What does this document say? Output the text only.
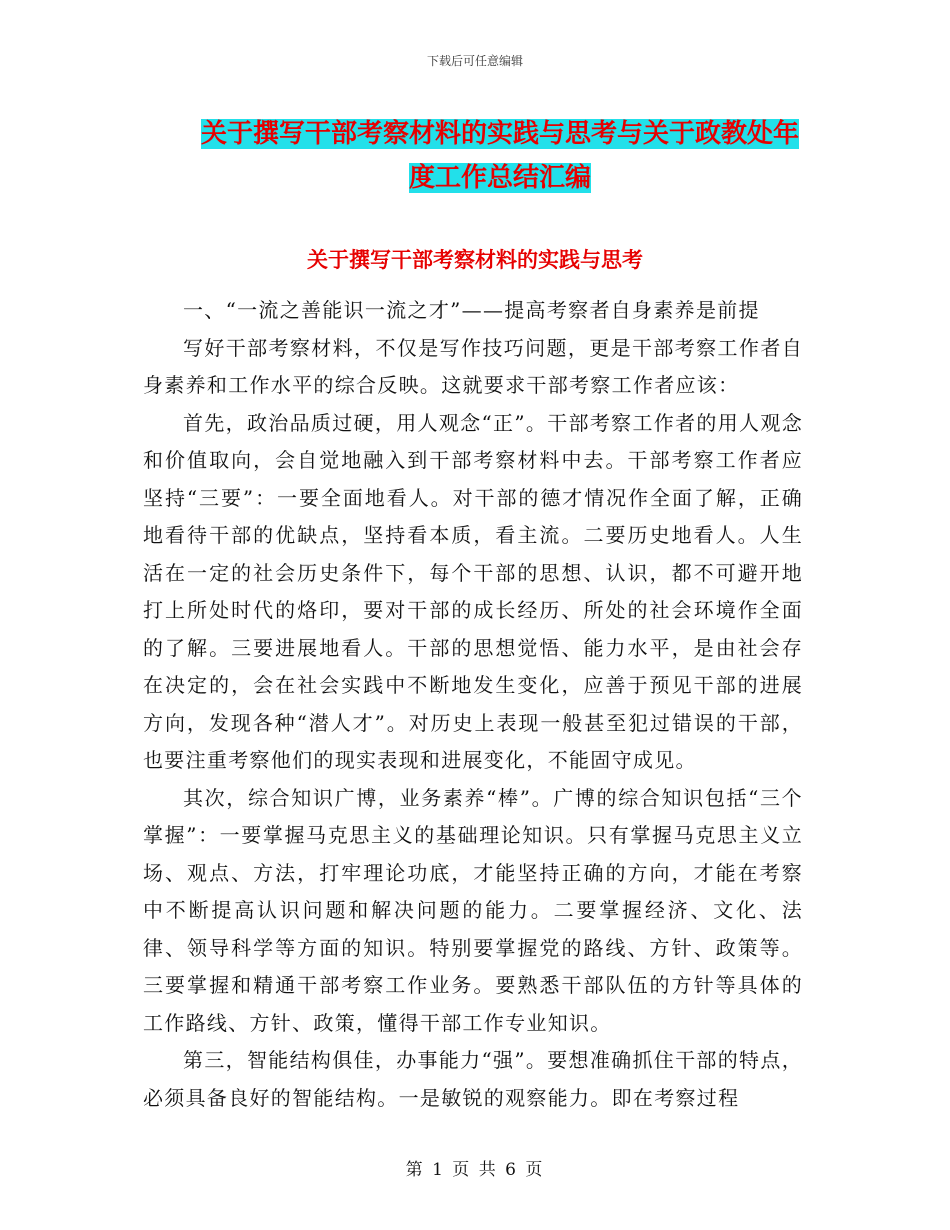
下载后可任意编辑
关于撰写干部考察材料的实践与思考与关于政教处年度工作总结汇编
关于撰写干部考察材料的实践与思考

一、“一流之善能识一流之才”——提高考察者自身素养是前提

写好干部考察材料，不仅是写作技巧问题，更是干部考察工作者自身素养和工作水平的综合反映。这就要求干部考察工作者应该：

首先，政治品质过硬，用人观念“正”。干部考察工作者的用人观念和价值取向，会自觉地融入到干部考察材料中去。干部考察工作者应坚持“三要”：一要全面地看人。对干部的德才情况作全面了解，正确地看待干部的优缺点，坚持看本质，看主流。二要历史地看人。人生活在一定的社会历史条件下，每个干部的思想、认识，都不可避开地打上所处时代的烙印，要对干部的成长经历、所处的社会环境作全面的了解。三要进展地看人。干部的思想觉悟、能力水平，是由社会存在决定的，会在社会实践中不断地发生变化，应善于预见干部的进展方向，发现各种“潜人才”。对历史上表现一般甚至犯过错误的干部，也要注重考察他们的现实表现和进展变化，不能固守成见。

其次，综合知识广博，业务素养“棒”。广博的综合知识包括“三个掌握”：一要掌握马克思主义的基础理论知识。只有掌握马克思主义立场、观点、方法，打牢理论功底，才能坚持正确的方向，才能在考察中不断提高认识问题和解决问题的能力。二要掌握经济、文化、法律、领导科学等方面的知识。特别要掌握党的路线、方针、政策等。三要掌握和精通干部考察工作业务。要熟悉干部队伍的方针等具体的工作路线、方针、政策，懂得干部工作专业知识。

第三，智能结构俱佳，办事能力“强”。要想准确抓住干部的特点，必须具备良好的智能结构。一是敏锐的观察能力。即在考察过程

第 1 页 共 6 页
